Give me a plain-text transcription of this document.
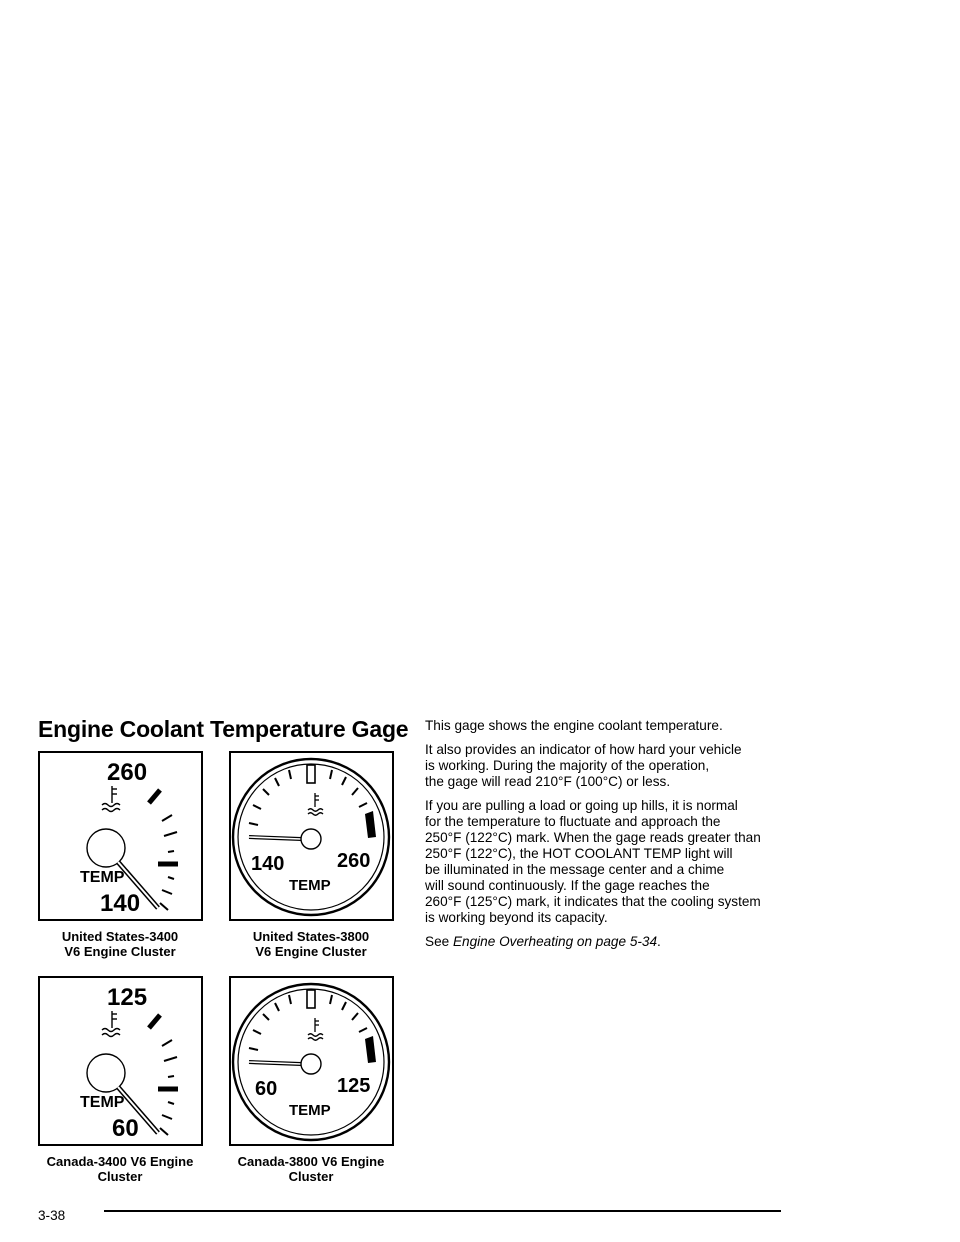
Engine Coolant Temperature Gage
260
TEMP
140
United States-3400
V6 Engine Cluster
140	260
TEMP
United States-3800
V6 Engine Cluster
125
TEMP
60
Canada-3400 V6 Engine
Cluster
60	125
TEMP
Canada-3800 V6 Engine
Cluster

This gage shows the engine coolant temperature.

It also provides an indicator of how hard your vehicle
is working. During the majority of the operation,
the gage will read 210°F (100°C) or less.

If you are pulling a load or going up hills, it is normal
for the temperature to fluctuate and approach the
250°F (122°C) mark. When the gage reads greater than
250°F (122°C), the HOT COOLANT TEMP light will
be illuminated in the message center and a chime
will sound continuously. If the gage reaches the
260°F (125°C) mark, it indicates that the cooling system
is working beyond its capacity.

See Engine Overheating on page 5-34.

3-38
